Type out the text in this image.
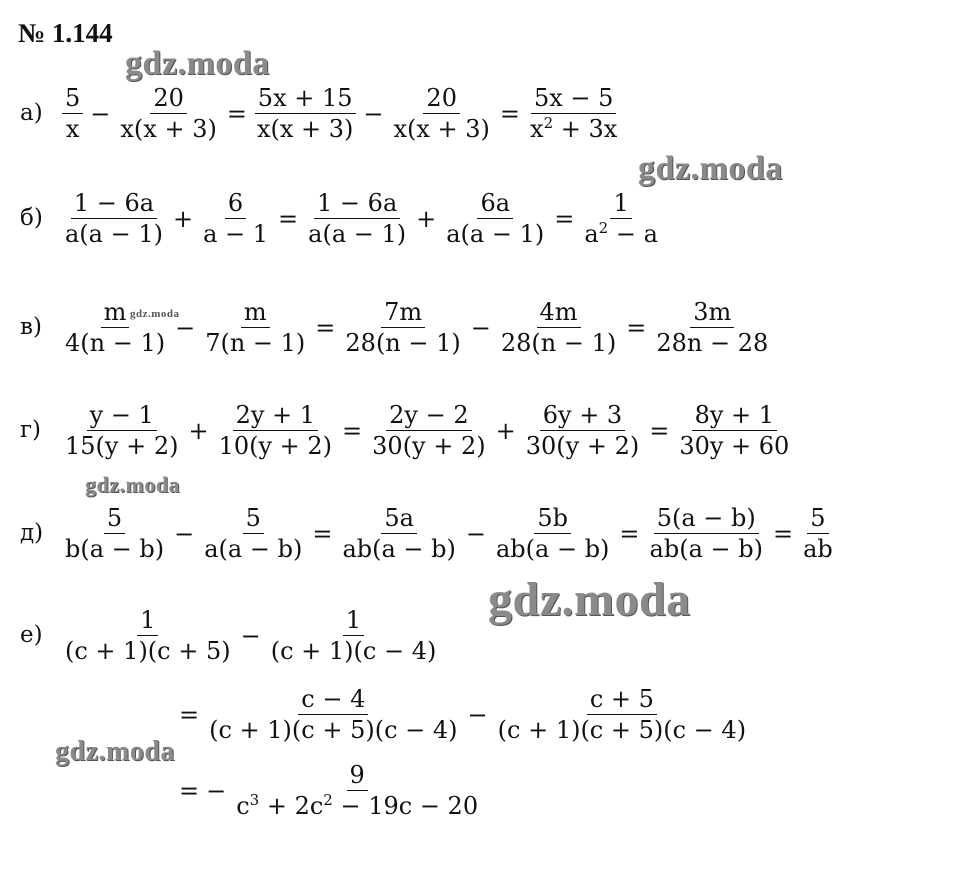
№ 1.144
$а) \frac{5}{x} - \frac{20}{x(x + 3)} = \frac{5x + 15}{x(x + 3)} - \frac{20}{x(x + 3)} = \frac{5x - 5}{x^2 + 3x}$
$б) \frac{1 - 6a}{a(a - 1)} + \frac{6}{a - 1} = \frac{1 - 6a}{a(a - 1)} + \frac{6a}{a(a - 1)} = \frac{1}{a^2 - a}$
$в) \frac{m}{4(n - 1)} - \frac{m}{7(n - 1)} = \frac{7m}{28(n - 1)} - \frac{4m}{28(n - 1)} = \frac{3m}{28n - 28}$
$г) \frac{y - 1}{15(y + 2)} + \frac{2y + 1}{10(y + 2)} = \frac{2y - 2}{30(y + 2)} + \frac{6y + 3}{30(y + 2)} = \frac{8y + 1}{30y + 60}$
$д) \frac{5}{b(a - b)} - \frac{5}{a(a - b)} = \frac{5a}{ab(a - b)} - \frac{5b}{ab(a - b)} = \frac{5(a - b)}{ab(a - b)} = \frac{5}{ab}$
$е) \frac{1}{(c + 1)(c + 5)} - \frac{1}{(c + 1)(c - 4)}$
= $\frac{c - 4}{(c + 1)(c + 5)(c - 4)} - \frac{c + 5}{(c + 1)(c + 5)(c - 4)}$
= − $\frac{9}{c^3 + 2c^2 - 19c - 20}$
gdz.moda
gdz.moda
gdz.moda
gdz.moda
gdz.moda
gdz.moda
